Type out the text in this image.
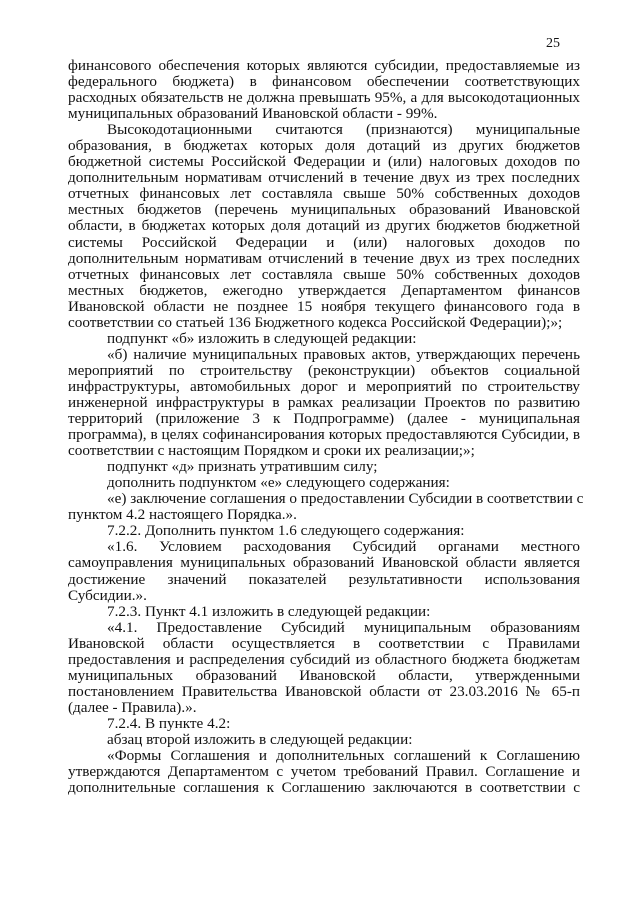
25

финансового обеспечения которых являются субсидии, предоставляемые из
федерального бюджета) в финансовом обеспечении соответствующих
расходных обязательств не должна превышать 95%, а для высокодотационных
муниципальных образований Ивановской области - 99%.

Высокодотационными считаются (признаются) муниципальные
образования, в бюджетах которых доля дотаций из других бюджетов
бюджетной системы Российской Федерации и (или) налоговых доходов по
дополнительным нормативам отчислений в течение двух из трех последних
отчетных финансовых лет составляла свыше 50% собственных доходов
местных бюджетов (перечень муниципальных образований Ивановской
области, в бюджетах которых доля дотаций из других бюджетов бюджетной
системы Российской Федерации и (или) налоговых доходов по
дополнительным нормативам отчислений в течение двух из трех последних
отчетных финансовых лет составляла свыше 50% собственных доходов
местных бюджетов, ежегодно утверждается Департаментом финансов
Ивановской области не позднее 15 ноября текущего финансового года в
соответствии со статьей 136 Бюджетного кодекса Российской Федерации);»;

подпункт «б» изложить в следующей редакции:

«б) наличие муниципальных правовых актов, утверждающих перечень
мероприятий по строительству (реконструкции) объектов социальной
инфраструктуры, автомобильных дорог и мероприятий по строительству
инженерной инфраструктуры в рамках реализации Проектов по развитию
территорий (приложение 3 к Подпрограмме) (далее - муниципальная
программа), в целях софинансирования которых предоставляются Субсидии, в
соответствии с настоящим Порядком и сроки их реализации;»;

подпункт «д» признать утратившим силу;

дополнить подпунктом «е» следующего содержания:

«е) заключение соглашения о предоставлении Субсидии в соответствии с
пунктом 4.2 настоящего Порядка.».

7.2.2. Дополнить пунктом 1.6 следующего содержания:

«1.6. Условием расходования Субсидий органами местного
самоуправления муниципальных образований Ивановской области является
достижение значений показателей результативности использования
Субсидии.».

7.2.3. Пункт 4.1 изложить в следующей редакции:

«4.1. Предоставление Субсидий муниципальным образованиям
Ивановской области осуществляется в соответствии с Правилами
предоставления и распределения субсидий из областного бюджета бюджетам
муниципальных образований Ивановской области, утвержденными
постановлением Правительства Ивановской области от 23.03.2016 № 65-п
(далее - Правила).».

7.2.4. В пункте 4.2:

абзац второй изложить в следующей редакции:

«Формы Соглашения и дополнительных соглашений к Соглашению
утверждаются Департаментом с учетом требований Правил. Соглашение и
дополнительные соглашения к Соглашению заключаются в соответствии с
